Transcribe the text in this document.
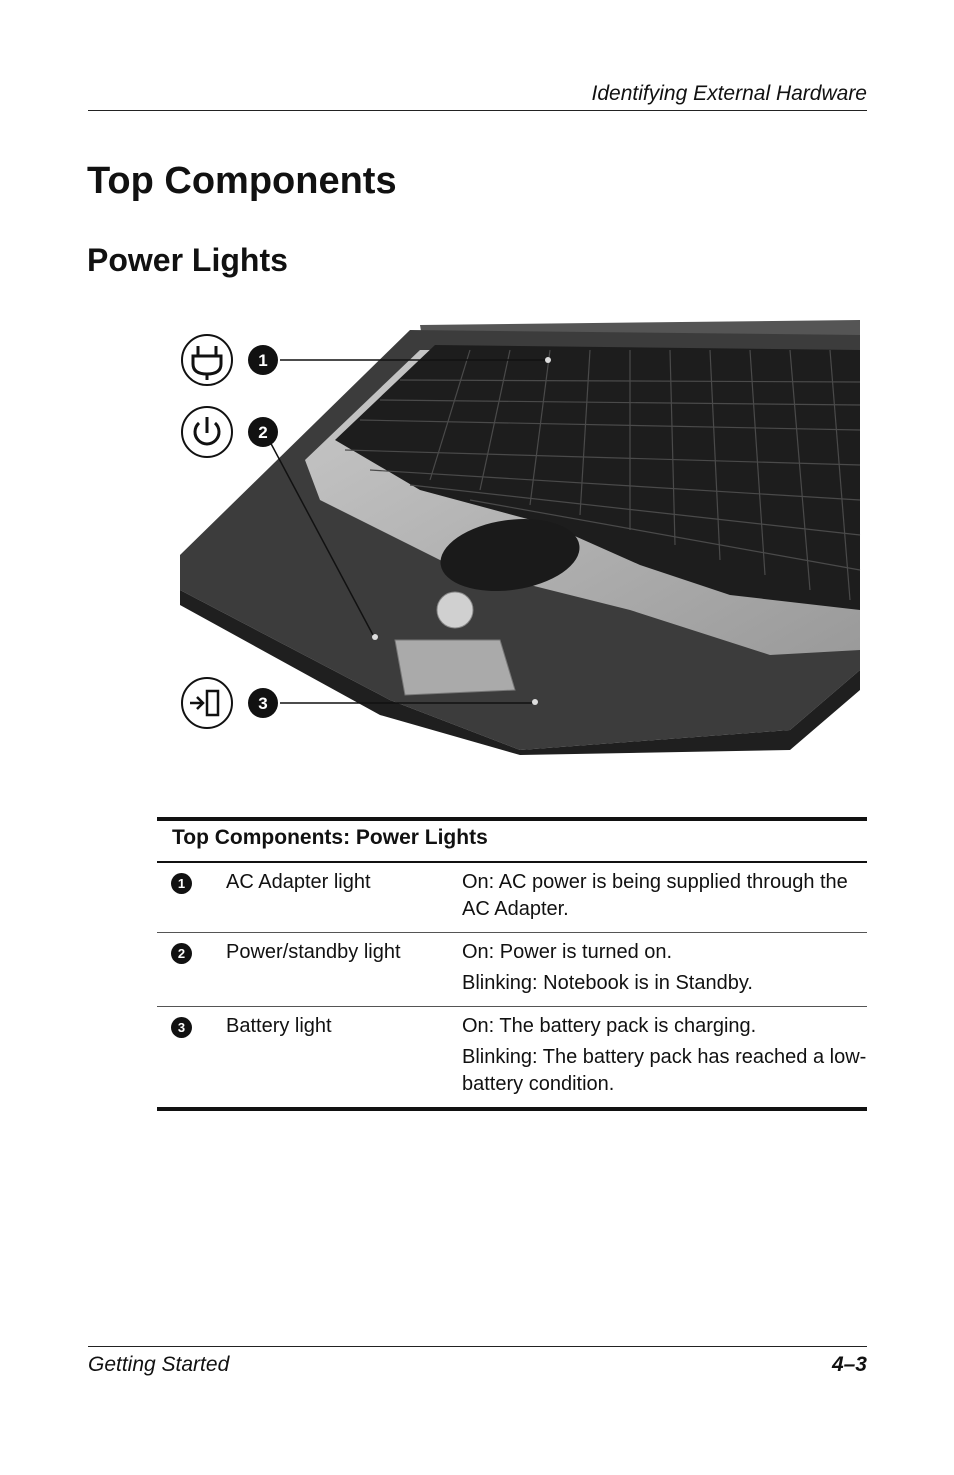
Identifying External Hardware
Top Components
Power Lights
1
2
3
Top Components: Power Lights
1	AC Adapter light	On: AC power is being supplied through the AC Adapter.

2	Power/standby light	On: Power is turned on.

Blinking: Notebook is in Standby.

3	Battery light	On: The battery pack is charging.

Blinking: The battery pack has reached a low-battery condition.

Getting Started	4–3
